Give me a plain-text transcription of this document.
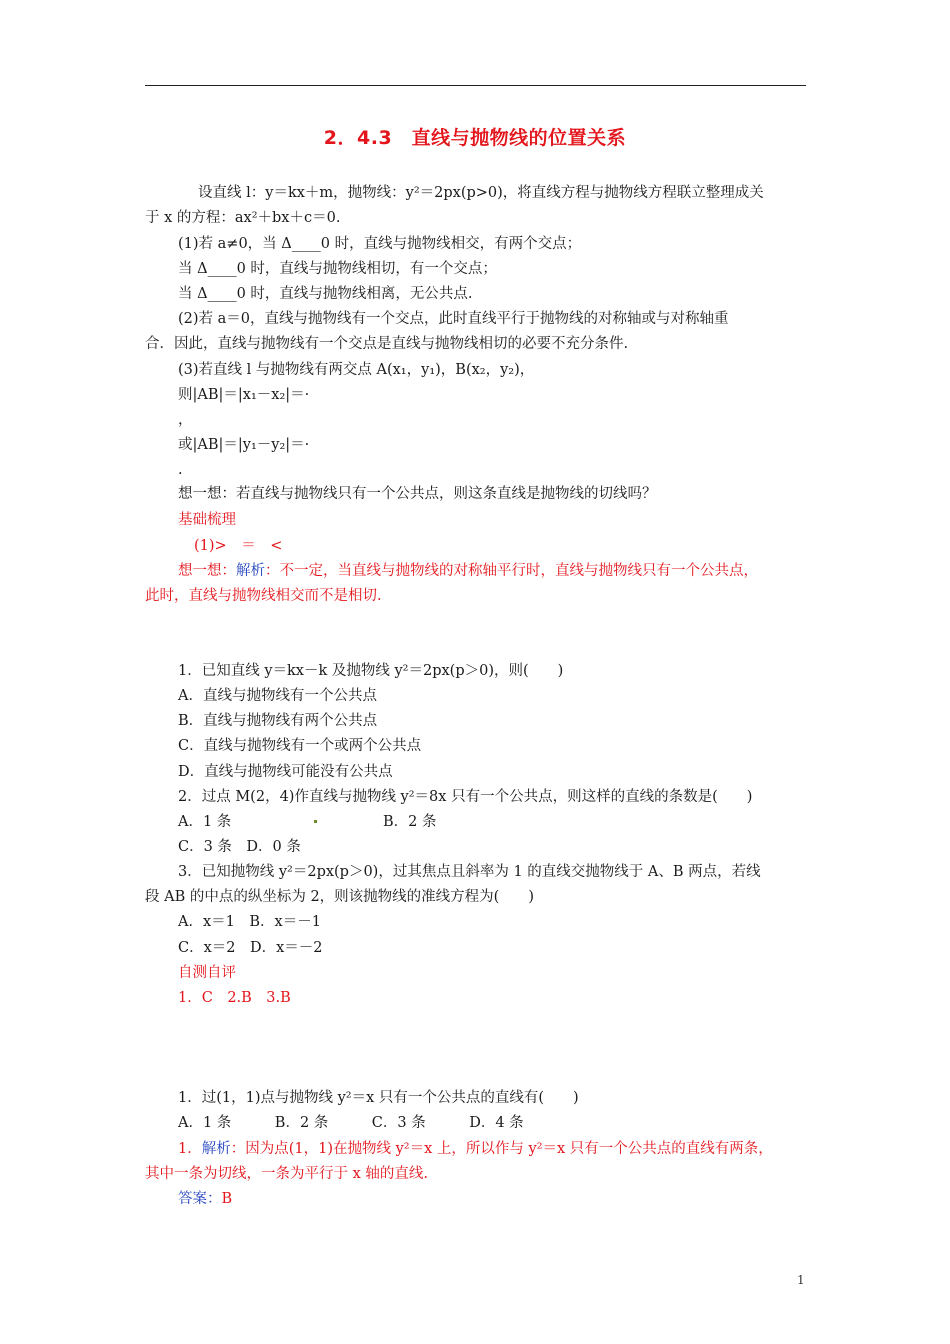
2．4.3　直线与抛物线的位置关系
设直线 l：y＝kx＋m，抛物线：y²＝2px(p>0)，将直线方程与抛物线方程联立整理成关
于 x 的方程：ax²＋bx＋c＝0.
(1)若 a≠0，当 Δ____0 时，直线与抛物线相交，有两个交点；
当 Δ____0 时，直线与抛物线相切，有一个交点；
当 Δ____0 时，直线与抛物线相离，无公共点.
(2)若 a＝0，直线与抛物线有一个交点，此时直线平行于抛物线的对称轴或与对称轴重
合．因此，直线与抛物线有一个交点是直线与抛物线相切的必要不充分条件.
(3)若直线 l 与抛物线有两交点 A(x₁，y₁)，B(x₂，y₂)，
则|AB|＝|x₁－x₂|＝·
，
或|AB|＝|y₁－y₂|＝·
.
想一想：若直线与抛物线只有一个公共点，则这条直线是抛物线的切线吗？
基础梳理
(1)>　＝　<
想一想：解析：不一定，当直线与抛物线的对称轴平行时，直线与抛物线只有一个公共点，
此时，直线与抛物线相交而不是相切.
1．已知直线 y＝kx－k 及抛物线 y²＝2px(p＞0)，则(　　)
A．直线与抛物线有一个公共点
B．直线与抛物线有两个公共点
C．直线与抛物线有一个或两个公共点
D．直线与抛物线可能没有公共点
2．过点 M(2，4)作直线与抛物线 y²＝8x 只有一个公共点，则这样的直线的条数是(　　)
A．1 条	B．2 条
C．3 条　D．0 条
3．已知抛物线 y²＝2px(p＞0)，过其焦点且斜率为 1 的直线交抛物线于 A、B 两点，若线
段 AB 的中点的纵坐标为 2，则该抛物线的准线方程为(　　)
A．x＝1　B．x＝－1
C．x＝2　D．x＝－2
自测自评
1．C　2.B　3.B
1．过(1，1)点与抛物线 y²＝x 只有一个公共点的直线有(　　)
A．1 条　　　B．2 条　　　C．3 条　　　D．4 条
1．解析：因为点(1，1)在抛物线 y²＝x 上，所以作与 y²＝x 只有一个公共点的直线有两条，
其中一条为切线，一条为平行于 x 轴的直线.
答案：B
1
